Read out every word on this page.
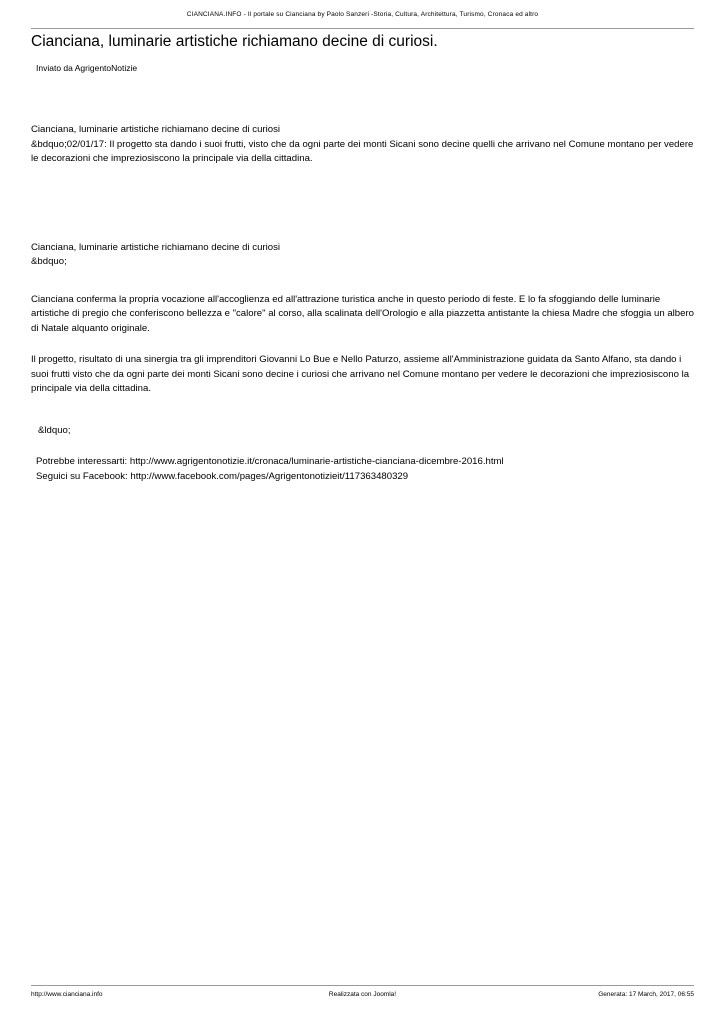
CIANCIANA.INFO - Il portale su Cianciana by Paolo Sanzeri -Storia, Cultura, Architettura, Turismo, Cronaca ed altro
Cianciana, luminarie artistiche richiamano decine di curiosi.
Inviato da AgrigentoNotizie

Cianciana, luminarie artistiche richiamano decine di curiosi

&bdquo;02/01/17: Il progetto sta dando i suoi frutti, visto che da ogni parte dei monti Sicani sono decine quelli che arrivano nel Comune montano per vedere le decorazioni che impreziosiscono la principale via della cittadina.

Cianciana, luminarie artistiche richiamano decine di curiosi

&bdquo;

Cianciana conferma la propria vocazione all'accoglienza ed all'attrazione turistica anche in questo periodo di feste. E lo fa sfoggiando delle luminarie artistiche di pregio che conferiscono bellezza e "calore" al corso, alla scalinata dell'Orologio e alla piazzetta antistante la chiesa Madre che sfoggia un albero di Natale alquanto originale.
Il progetto, risultato di una sinergia tra gli imprenditori Giovanni Lo Bue e Nello Paturzo, assieme all'Amministrazione guidata da Santo Alfano, sta dando i suoi frutti visto che da ogni parte dei monti Sicani sono decine i curiosi che arrivano nel Comune montano per vedere le decorazioni che impreziosiscono la principale via della cittadina.
&ldquo;
Potrebbe interessarti: http://www.agrigentonotizie.it/cronaca/luminarie-artistiche-cianciana-dicembre-2016.html
Seguici su Facebook: http://www.facebook.com/pages/Agrigentonotizieit/117363480329
http://www.cianciana.info	Realizzata con Joomla!	Generata: 17 March, 2017, 06:55
